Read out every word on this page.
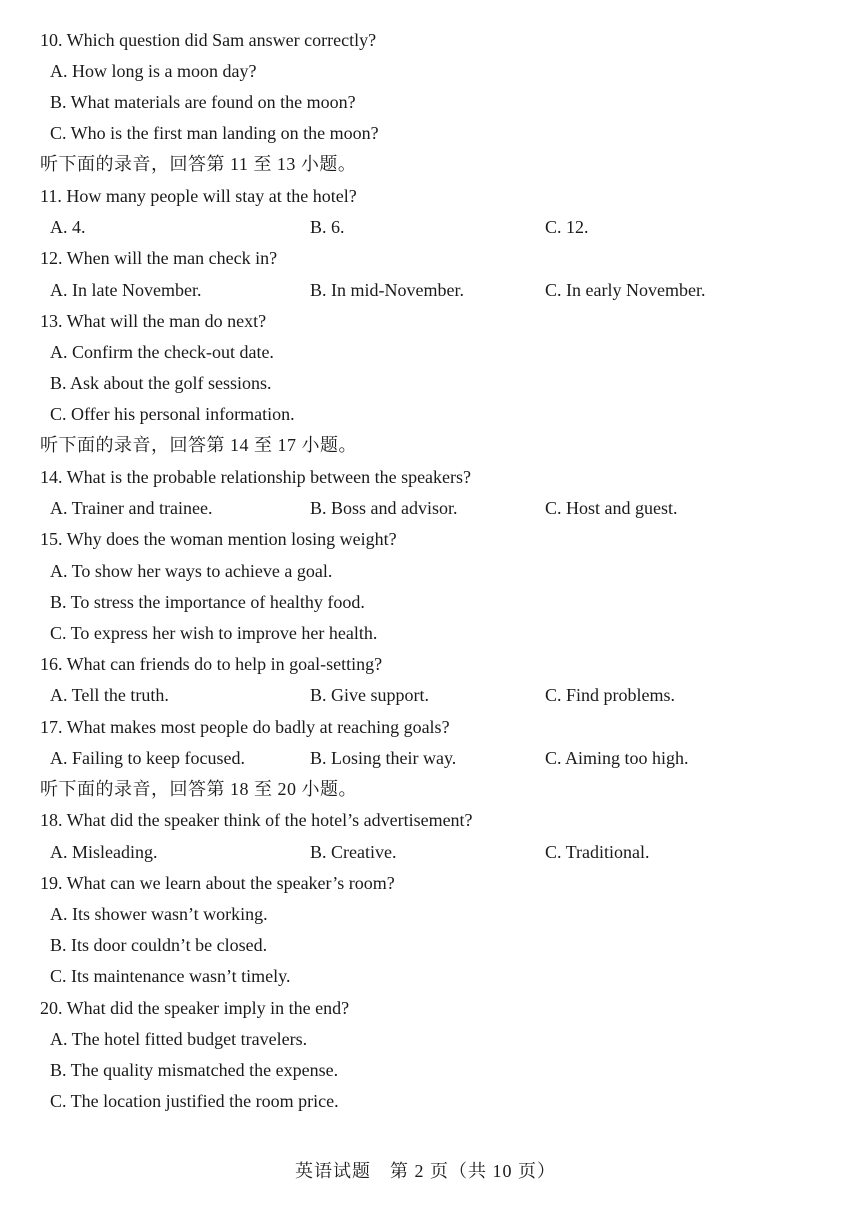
10. Which question did Sam answer correctly?
A. How long is a moon day?
B. What materials are found on the moon?
C. Who is the first man landing on the moon?
听下面的录音，回答第 11 至 13 小题。
11. How many people will stay at the hotel?
A. 4.	B. 6.	C. 12.
12. When will the man check in?
A. In late November.	B. In mid-November.	C. In early November.
13. What will the man do next?
A. Confirm the check-out date.
B. Ask about the golf sessions.
C. Offer his personal information.
听下面的录音，回答第 14 至 17 小题。
14. What is the probable relationship between the speakers?
A. Trainer and trainee.	B. Boss and advisor.	C. Host and guest.
15. Why does the woman mention losing weight?
A. To show her ways to achieve a goal.
B. To stress the importance of healthy food.
C. To express her wish to improve her health.
16. What can friends do to help in goal-setting?
A. Tell the truth.	B. Give support.	C. Find problems.
17. What makes most people do badly at reaching goals?
A. Failing to keep focused.	B. Losing their way.	C. Aiming too high.
听下面的录音，回答第 18 至 20 小题。
18. What did the speaker think of the hotel’s advertisement?
A. Misleading.	B. Creative.	C. Traditional.
19. What can we learn about the speaker’s room?
A. Its shower wasn’t working.
B. Its door couldn’t be closed.
C. Its maintenance wasn’t timely.
20. What did the speaker imply in the end?
A. The hotel fitted budget travelers.
B. The quality mismatched the expense.
C. The location justified the room price.
英语试题　第 2 页（共 10 页）
